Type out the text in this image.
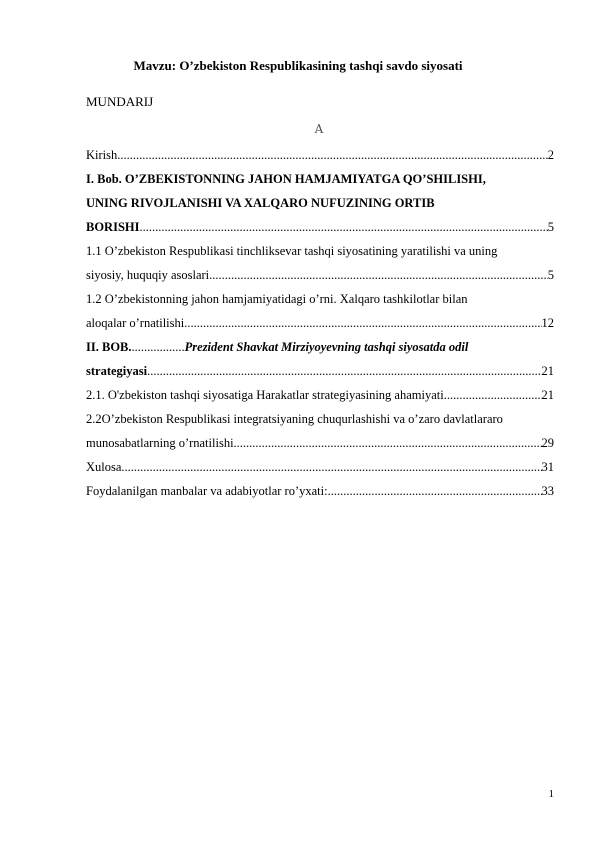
Mavzu: O’zbekiston Respublikasining tashqi savdo siyosati
MUNDARIJ
A
Kirish .....	2
I. Bob. O’ZBEKISTONNING JAHON HAMJAMIYATGA QO’SHILISHI,
UNING RIVOJLANISHI VA XALQARO NUFUZINING ORTIB
BORISHI .....	5
1.1 O’zbekiston Respublikasi tinchliksevar tashqi siyosatining yaratilishi va uning
siyosiy, huquqiy asoslari .....	5
1.2 O’zbekistonning jahon hamjamiyatidagi o’rni. Xalqaro tashkilotlar bilan
aloqalar o’rnatilishi .....	12
II. BOB..................Prezident Shavkat Mirziyoyevning tashqi siyosatda odil
strategiyasi .....	21
2.1. O'zbekiston tashqi siyosatiga Harakatlar strategiyasining ahamiyati .....	21
2.2O’zbekiston Respublikasi integratsiyaning chuqurlashishi va o’zaro davlatlararo
munosabatlarning o’rnatilishi .....	29
Xulosa .....	31
Foydalanilgan manbalar va adabiyotlar ro’yxati: .....	33
1
